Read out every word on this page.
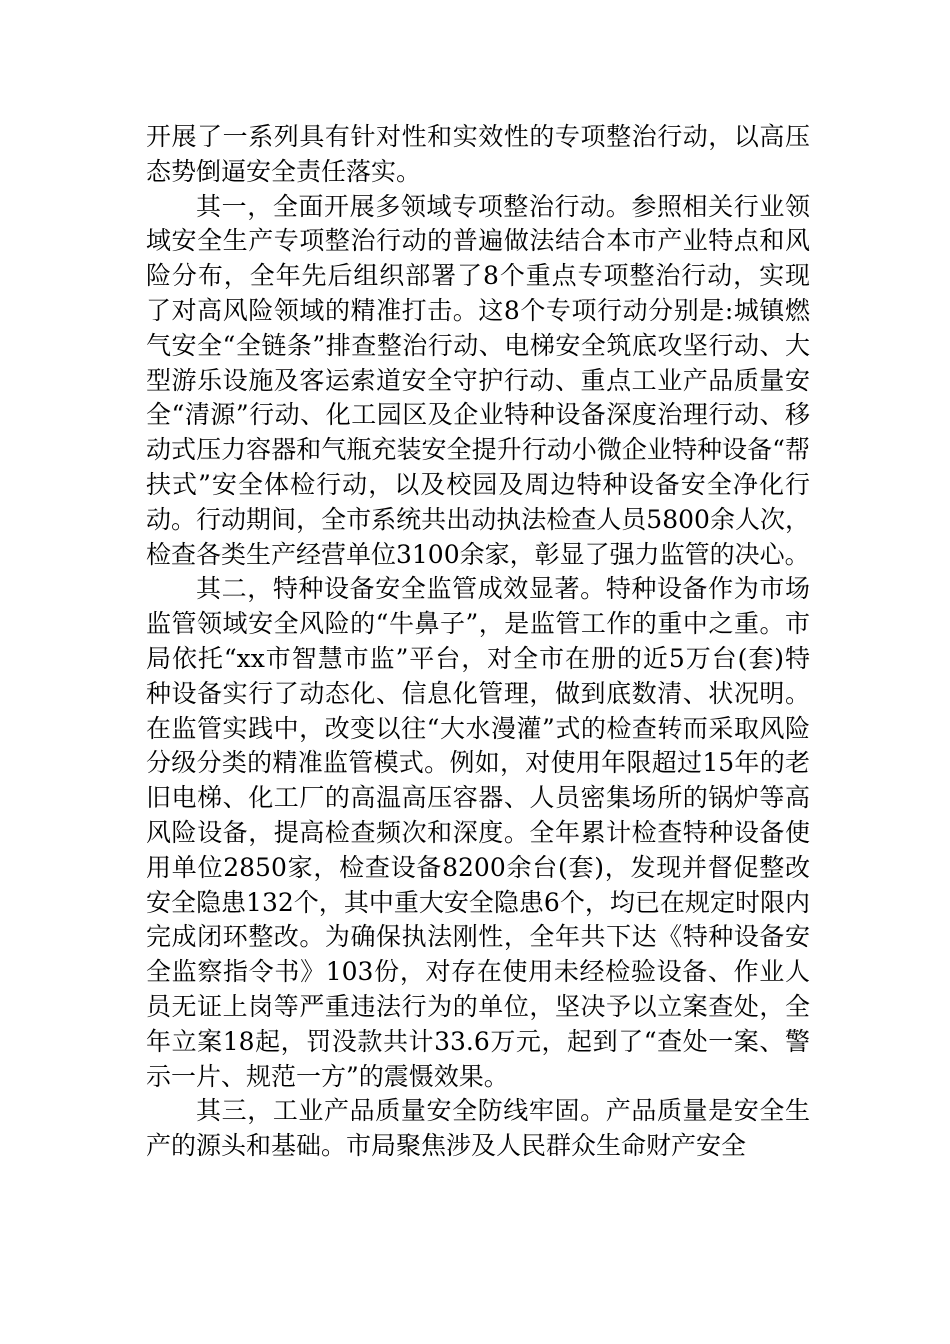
开展了一系列具有针对性和实效性的专项整治行动，以高压态势倒逼安全责任落实。

其一，全面开展多领域专项整治行动。参照相关行业领域安全生产专项整治行动的普遍做法结合本市产业特点和风险分布，全年先后组织部署了8个重点专项整治行动，实现了对高风险领域的精准打击。这8个专项行动分别是:城镇燃气安全“全链条”排查整治行动、电梯安全筑底攻坚行动、大型游乐设施及客运索道安全守护行动、重点工业产品质量安全“清源”行动、化工园区及企业特种设备深度治理行动、移动式压力容器和气瓶充装安全提升行动小微企业特种设备“帮扶式”安全体检行动，以及校园及周边特种设备安全净化行动。行动期间，全市系统共出动执法检查人员5800余人次，检查各类生产经营单位3100余家，彰显了强力监管的决心。

其二，特种设备安全监管成效显著。特种设备作为市场监管领域安全风险的“牛鼻子”，是监管工作的重中之重。市局依托“xx市智慧市监”平台，对全市在册的近5万台(套)特种设备实行了动态化、信息化管理，做到底数清、状况明。在监管实践中，改变以往“大水漫灌”式的检查转而采取风险分级分类的精准监管模式。例如，对使用年限超过15年的老旧电梯、化工厂的高温高压容器、人员密集场所的锅炉等高风险设备，提高检查频次和深度。全年累计检查特种设备使用单位2850家，检查设备8200余台(套)，发现并督促整改安全隐患132个，其中重大安全隐患6个，均已在规定时限内完成闭环整改。为确保执法刚性，全年共下达《特种设备安全监察指令书》103份，对存在使用未经检验设备、作业人员无证上岗等严重违法行为的单位，坚决予以立案查处，全年立案18起，罚没款共计33.6万元，起到了“查处一案、警示一片、规范一方”的震慑效果。

其三，工业产品质量安全防线牢固。产品质量是安全生产的源头和基础。市局聚焦涉及人民群众生命财产安全
